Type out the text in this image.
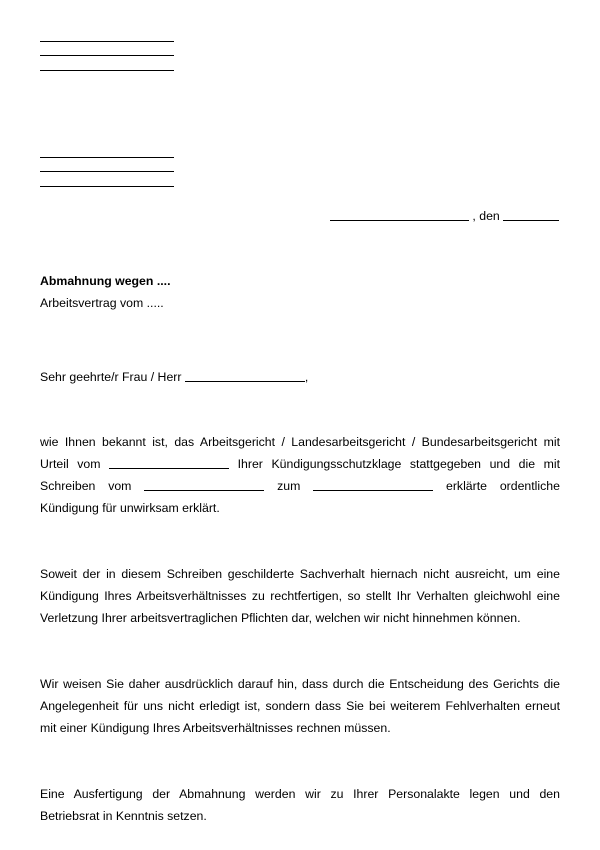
, den
Abmahnung wegen ....
Arbeitsvertrag vom .....
Sehr geehrte/r Frau / Herr	,
wie Ihnen bekannt ist, das Arbeitsgericht / Landesarbeitsgericht / Bundesarbeitsgericht mit
Urteil vom	Ihrer Kündigungsschutzklage stattgegeben und die mit
Schreiben vom	zum	erklärte ordentliche
Kündigung für unwirksam erklärt.
Soweit der in diesem Schreiben geschilderte Sachverhalt hiernach nicht ausreicht, um eine
Kündigung Ihres Arbeitsverhältnisses zu rechtfertigen, so stellt Ihr Verhalten gleichwohl eine
Verletzung Ihrer arbeitsvertraglichen Pflichten dar, welchen wir nicht hinnehmen können.
Wir weisen Sie daher ausdrücklich darauf hin, dass durch die Entscheidung des Gerichts die
Angelegenheit für uns nicht erledigt ist, sondern dass Sie bei weiterem Fehlverhalten erneut
mit einer Kündigung Ihres Arbeitsverhältnisses rechnen müssen.
Eine Ausfertigung der Abmahnung werden wir zu Ihrer Personalakte legen und den
Betriebsrat in Kenntnis setzen.
